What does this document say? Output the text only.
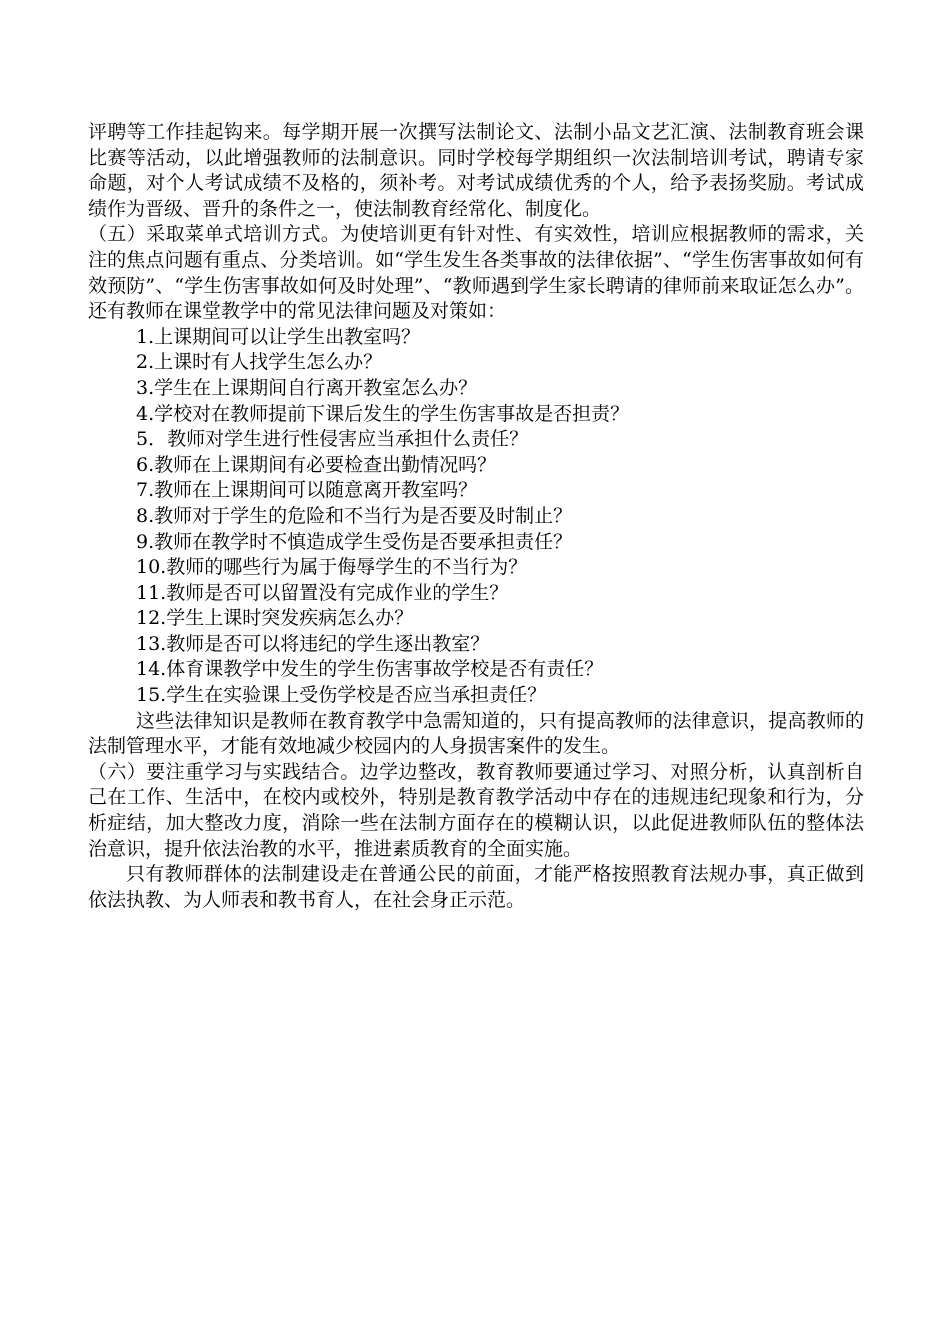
评聘等工作挂起钩来。每学期开展一次撰写法制论文、法制小品文艺汇演、法制教育班会课比赛等活动，以此增强教师的法制意识。同时学校每学期组织一次法制培训考试，聘请专家命题，对个人考试成绩不及格的，须补考。对考试成绩优秀的个人，给予表扬奖励。考试成绩作为晋级、晋升的条件之一，使法制教育经常化、制度化。

（五）采取菜单式培训方式。为使培训更有针对性、有实效性，培训应根据教师的需求，关注的焦点问题有重点、分类培训。如“学生发生各类事故的法律依据”、“学生伤害事故如何有效预防”、“学生伤害事故如何及时处理”、“教师遇到学生家长聘请的律师前来取证怎么办”。还有教师在课堂教学中的常见法律问题及对策如：

1.上课期间可以让学生出教室吗？
2.上课时有人找学生怎么办？
3.学生在上课期间自行离开教室怎么办？
4.学校对在教师提前下课后发生的学生伤害事故是否担责？
5．教师对学生进行性侵害应当承担什么责任？
6.教师在上课期间有必要检查出勤情况吗？
7.教师在上课期间可以随意离开教室吗？
8.教师对于学生的危险和不当行为是否要及时制止？
9.教师在教学时不慎造成学生受伤是否要承担责任？
10.教师的哪些行为属于侮辱学生的不当行为？
11.教师是否可以留置没有完成作业的学生？
12.学生上课时突发疾病怎么办？
13.教师是否可以将违纪的学生逐出教室？
14.体育课教学中发生的学生伤害事故学校是否有责任？
15.学生在实验课上受伤学校是否应当承担责任？

这些法律知识是教师在教育教学中急需知道的，只有提高教师的法律意识，提高教师的法制管理水平，才能有效地减少校园内的人身损害案件的发生。

（六）要注重学习与实践结合。边学边整改，教育教师要通过学习、对照分析，认真剖析自己在工作、生活中，在校内或校外，特别是教育教学活动中存在的违规违纪现象和行为，分析症结，加大整改力度，消除一些在法制方面存在的模糊认识，以此促进教师队伍的整体法治意识，提升依法治教的水平，推进素质教育的全面实施。

只有教师群体的法制建设走在普通公民的前面，才能严格按照教育法规办事，真正做到依法执教、为人师表和教书育人，在社会身正示范。
